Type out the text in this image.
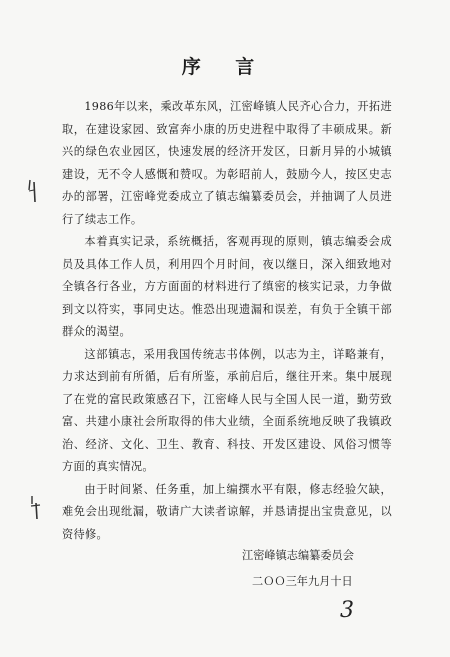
序 言

1986年以来，乘改革东风，江密峰镇人民齐心合力，开拓进取，在建设家园、致富奔小康的历史进程中取得了丰硕成果。新兴的绿色农业园区，快速发展的经济开发区，日新月异的小城镇建设，无不令人感慨和赞叹。为彰昭前人，鼓励今人，按区史志办的部署，江密峰党委成立了镇志编纂委员会，并抽调了人员进行了续志工作。

本着真实记录，系统概括，客观再现的原则，镇志编委会成员及具体工作人员，利用四个月时间，夜以继日，深入细致地对全镇各行各业，方方面面的材料进行了缜密的核实记录，力争做到文以符实，事同史达。惟恐出现遗漏和误差，有负于全镇干部群众的渴望。

这部镇志，采用我国传统志书体例，以志为主，详略兼有，力求达到前有所循，后有所鉴，承前启后，继往开来。集中展现了在党的富民政策感召下，江密峰人民与全国人民一道，勤劳致富、共建小康社会所取得的伟大业绩，全面系统地反映了我镇政治、经济、文化、卫生、教育、科技、开发区建设、风俗习惯等方面的真实情况。

由于时间紧、任务重，加上编撰水平有限，修志经验欠缺，难免会出现纰漏，敬请广大读者谅解，并恳请提出宝贵意见，以资待修。

江密峰镇志编纂委员会
二ＯＯ三年九月十日
3
